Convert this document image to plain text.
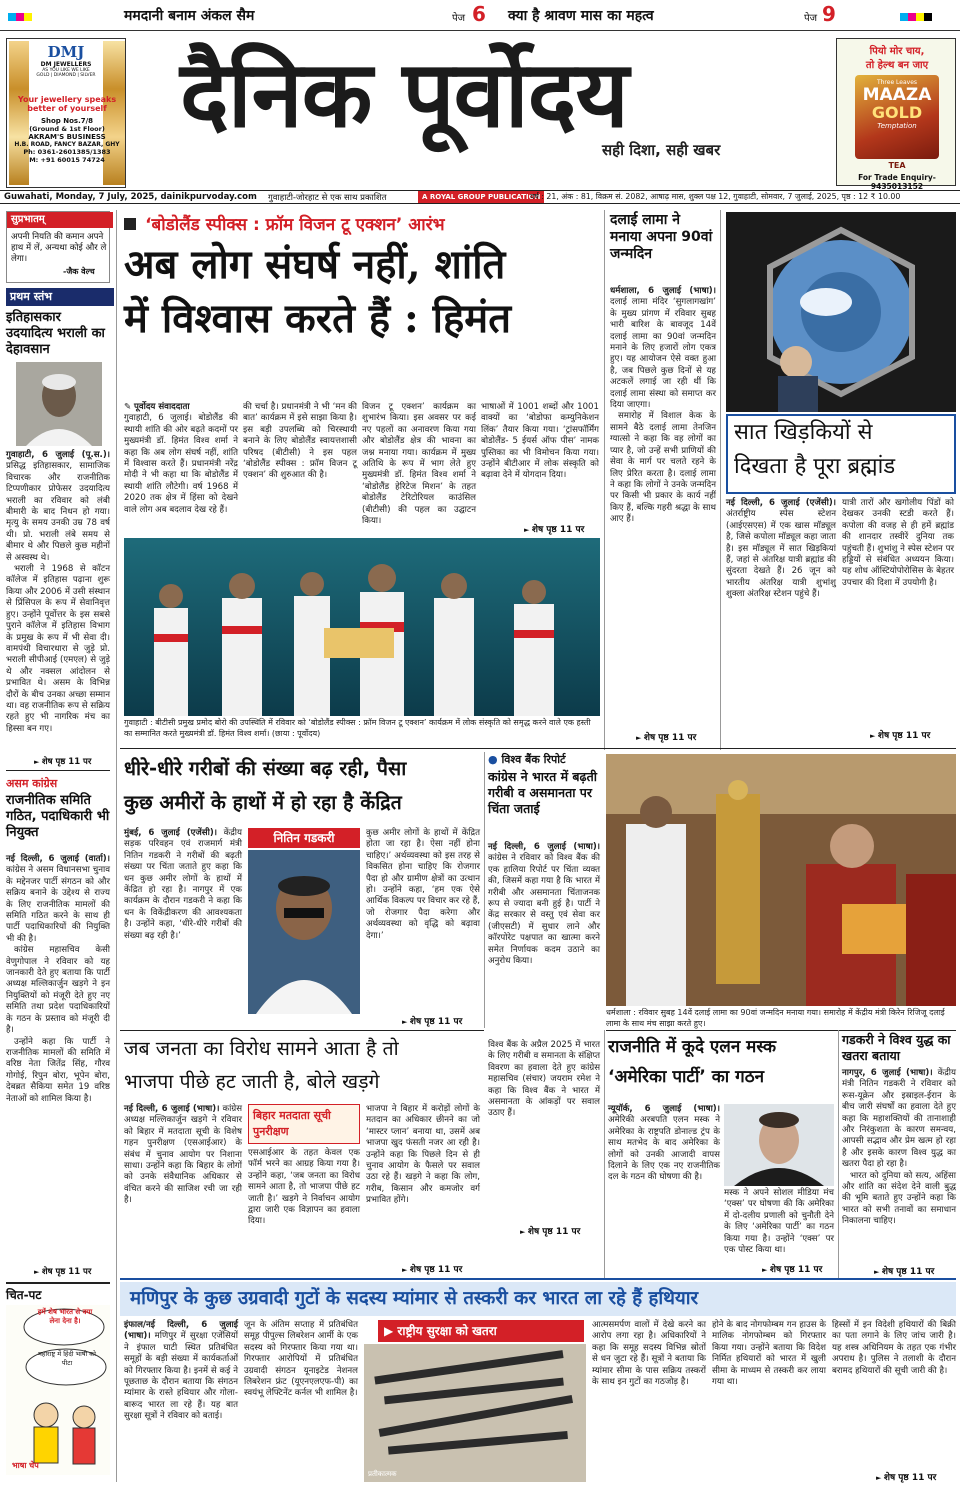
ममदानी बनाम अंकल सैम	पेज 6 क्या है श्रावण मास का महत्व	पेज 9
DMJ
DM JEWELLERS
AS YOU LIKE WE LIKE
GOLD | DIAMOND | SILVER
Your jewellery speaks
better of yourself
Shop Nos.7/8
(Ground & 1st Floor)
AKRAM'S BUSINESS
H.B. ROAD, FANCY BAZAR, GHY
Ph: 0361-2601385/1383
M: +91 60015 74724
दैनिक पूर्वोदय
सही दिशा, सही खबर
पियो मोर चाय,
तो हेल्थ बन जाए
Three Leaves
MAAZA
GOLD
Temptation
TEA
For Trade Enquiry- 9435013152
Guwahati, Monday, 7 July, 2025, dainikpurvoday.com गुवाहाटी-जोरहाट से एक साथ प्रकाशित	A ROYAL GROUP PUBLICATION
वर्ष : 21, अंक : 81, विक्रम सं. 2082, आषाढ़ मास, शुक्ल पक्ष 12, गुवाहाटी, सोमवार, 7 जुलाई, 2025, पृष्ठ : 12 ₹ 10.00
सुप्रभातम्
अपनी नियति की कमान अपने हाथ में लें, अन्यथा कोई और ले लेगा।
-जैक वेल्च
प्रथम स्तंभ
इतिहासकार उदयादित्य भराली का देहावसान

गुवाहाटी, 6 जुलाई (पू.स.)। प्रसिद्ध इतिहासकार, सामाजिक विचारक और राजनीतिक टिप्पणीकार प्रोफेसर उदयादित्य भराली का रविवार को लंबी बीमारी के बाद निधन हो गया। मृत्यु के समय उनकी उम्र 78 वर्ष थी। प्रो. भराली लंबे समय से बीमार थे और पिछले कुछ महीनों से अस्वस्थ थे।

भराली ने 1968 से कॉटन कॉलेज में इतिहास पढ़ाना शुरू किया और 2006 में उसी संस्थान से प्रिंसिपल के रूप में सेवानिवृत्त हुए। उन्होंने पूर्वोत्तर के इस सबसे पुराने कॉलेज में इतिहास विभाग के प्रमुख के रूप में भी सेवा दी। वामपंथी विचारधारा से जुड़े प्रो. भराली सीपीआई (एमएल) से जुड़े थे और नक्सल आंदोलन से प्रभावित थे। असम के विभिन्न दौरों के बीच उनका अच्छा सम्मान था। वह राजनीतिक रूप से सक्रिय रहते हुए भी नागरिक मंच का हिस्सा बन गए।

► शेष पृष्ठ 11 पर
असम कांग्रेस
राजनीतिक समिति गठित, पदाधिकारी भी नियुक्त

नई दिल्ली, 6 जुलाई (वार्ता)। कांग्रेस ने असम विधानसभा चुनाव के मद्देनजर पार्टी संगठन को और सक्रिय बनाने के उद्देश्य से राज्य के लिए राजनीतिक मामलों की समिति गठित करने के साथ ही पार्टी पदाधिकारियों की नियुक्ति भी की है।

कांग्रेस महासचिव केसी वेणुगोपाल ने रविवार को यह जानकारी देते हुए बताया कि पार्टी अध्यक्ष मल्लिकार्जुन खड़गे ने इन नियुक्तियों को मंजूरी देते हुए नए समिति तथा प्रदेश पदाधिकारियों के गठन के प्रस्ताव को मंजूरी दी है।

उन्होंने कहा कि पार्टी ने राजनीतिक मामलों की समिति में वरिष्ठ नेता जितेंद्र सिंह, गौरव गोगोई, रिपुन बोरा, भूपेन बोरा, देबब्रत सैकिया समेत 19 वरिष्ठ नेताओं को शामिल किया है।

► शेष पृष्ठ 11 पर
चित-पट
हमें शेष भारत से क्या लेना देना है।
महाराष्ट्र में हिंदी भाषी को पीटा
भाषा चेप
‘बोडोलैंड स्पीक्स : फ्रॉम विजन टू एक्शन’ आरंभ
अब लोग संघर्ष नहीं, शांति
में विश्वास करते हैं : हिमंत

✎ पूर्वोदय संवाददाता

गुवाहाटी, 6 जुलाई। बोडोलैंड की स्थायी शांति की ओर बढ़ते कदमों पर मुख्यमंत्री डॉ. हिमंत विश्व शर्मा ने कहा कि अब लोग संघर्ष नहीं, शांति में विश्वास करते हैं। प्रधानमंत्री नरेंद्र मोदी ने भी कहा था कि बोडोलैंड में स्थायी शांति लौटेगी। वर्ष 1968 में 2020 तक क्षेत्र में हिंसा को देखने वाले लोग अब बदलाव देख रहे हैं।

की चर्चा है। प्रधानमंत्री ने भी ‘मन की बात’ कार्यक्रम में इसे साझा किया है। इस बड़ी उपलब्धि को चिरस्थायी बनाने के लिए बोडोलैंड स्वायत्तशासी परिषद (बीटीसी) ने इस पहल ‘बोडोलैंड स्पीक्स : फ्रॉम विजन टू एक्शन’ की शुरुआत की है।

विजन टू एक्शन’ कार्यक्रम का शुभारंभ किया। इस अवसर पर कई नए पहलों का अनावरण किया गया और बोडोलैंड क्षेत्र की भावना का जश्न मनाया गया। कार्यक्रम में मुख्य अतिथि के रूप में भाग लेते हुए मुख्यमंत्री डॉ. हिमंत विश्व शर्मा ने ‘बोडोलैंड हेरिटेज मिशन’ के तहत बोडोलैंड टेरिटोरियल काउंसिल (बीटीसी) की पहल का उद्घाटन किया।

भाषाओं में 1001 शब्दों और 1001 वाक्यों का ‘बोडोफा कम्युनिकेशन लिंक’ तैयार किया गया। ‘ट्रांसफॉर्मिंग बोडोलैंड- 5 ईयर्स ऑफ पीस’ नामक पुस्तिका का भी विमोचन किया गया। उन्होंने बीटीआर में लोक संस्कृति को बढ़ावा देने में योगदान दिया।

► शेष पृष्ठ 11 पर
गुवाहाटी : बीटीसी प्रमुख प्रमोद बोरो की उपस्थिति में रविवार को ‘बोडोलैंड स्पीक्स : फ्रॉम विजन टू एक्शन’ कार्यक्रम में लोक संस्कृति को समृद्ध करने वाले एक हस्ती का सम्मानित करते मुख्यमंत्री डॉ. हिमंत विश्व शर्मा। (छाया : पूर्वोदय)
दलाई लामा ने मनाया अपना 90वां जन्मदिन

धर्मशाला, 6 जुलाई (भाषा)। दलाई लामा मंदिर ‘सुगलागखांग’ के मुख्य प्रांगण में रविवार सुबह भारी बारिश के बावजूद 14वें दलाई लामा का 90वां जन्मदिन मनाने के लिए हजारों लोग एकत्र हुए। यह आयोजन ऐसे वक्त हुआ है, जब पिछले कुछ दिनों से यह अटकलें लगाई जा रही थीं कि दलाई लामा संस्था को समाप्त कर दिया जाएगा।

समारोह में विशाल केक के सामने बैठे दलाई लामा तेनजिन ग्यात्सो ने कहा कि वह लोगों का प्यार है, जो उन्हें सभी प्राणियों की सेवा के मार्ग पर चलते रहने के लिए प्रेरित करता है। दलाई लामा ने कहा कि लोगों ने उनके जन्मदिन पर किसी भी प्रकार के कार्य नहीं किए हैं, बल्कि गहरी श्रद्धा के साथ आए हैं।

► शेष पृष्ठ 11 पर
सात खिड़कियों से
दिखता है पूरा ब्रह्मांड

नई दिल्ली, 6 जुलाई (एजेंसी)। अंतर्राष्ट्रीय स्पेस स्टेशन (आईएसएस) में एक खास मॉड्यूल है, जिसे कपोला मॉड्यूल कहा जाता है। इस मॉड्यूल में सात खिड़कियां हैं, जहां से अंतरिक्ष यात्री ब्रह्मांड की सुंदरता देखते हैं। 26 जून को भारतीय अंतरिक्ष यात्री शुभांशु शुक्ला अंतरिक्ष स्टेशन पहुंचे हैं।

यात्री तारों और खगोलीय पिंडों को देखकर उनकी स्टडी करते हैं। कपोला की वजह से ही हमें ब्रह्मांड की शानदार तस्वीरें दुनिया तक पहुंचती हैं। शुभांशु ने स्पेस स्टेशन पर हड्डियों से संबंधित अध्ययन किया। यह शोध ऑस्टियोपोरोसिस के बेहतर उपचार की दिशा में उपयोगी है।

► शेष पृष्ठ 11 पर
धीरे-धीरे गरीबों की संख्या बढ़ रही, पैसा
कुछ अमीरों के हाथों में हो रहा है केंद्रित

मुंबई, 6 जुलाई (एजेंसी)। केंद्रीय सड़क परिवहन एवं राजमार्ग मंत्री नितिन गडकरी ने गरीबों की बढ़ती संख्या पर चिंता जताते हुए कहा कि धन कुछ अमीर लोगों के हाथों में केंद्रित हो रहा है। नागपुर में एक कार्यक्रम के दौरान गडकरी ने कहा कि धन के विकेंद्रीकरण की आवश्यकता है। उन्होंने कहा, ‘धीरे-धीरे गरीबों की संख्या बढ़ रही है।’

नितिन गडकरी	कुछ अमीर लोगों के हाथों में केंद्रित होता जा रहा है। ऐसा नहीं होना चाहिए।’ अर्थव्यवस्था को इस तरह से विकसित होना चाहिए कि रोजगार पैदा हो और ग्रामीण क्षेत्रों का उत्थान हो। उन्होंने कहा, ‘हम एक ऐसे आर्थिक विकल्प पर विचार कर रहे हैं, जो रोजगार पैदा करेगा और अर्थव्यवस्था को वृद्धि को बढ़ावा देगा।’

► शेष पृष्ठ 11 पर
● विश्व बैंक रिपोर्ट
कांग्रेस ने भारत में बढ़ती गरीबी व असमानता पर चिंता जताई

नई दिल्ली, 6 जुलाई (भाषा)। कांग्रेस ने रविवार को विश्व बैंक की एक हालिया रिपोर्ट पर चिंता व्यक्त की, जिसमें कहा गया है कि भारत में गरीबी और असमानता चिंताजनक रूप से ज्यादा बनी हुई है। पार्टी ने केंद्र सरकार से वस्तु एवं सेवा कर (जीएसटी) में सुधार लाने और कॉरपोरेट पक्षपात का खात्मा करने समेत निर्णायक कदम उठाने का अनुरोध किया।

विश्व बैंक के अप्रैल 2025 में भारत के लिए गरीबी व समानता के संक्षिप्त विवरण का हवाला देते हुए कांग्रेस महासचिव (संचार) जयराम रमेश ने कहा कि विश्व बैंक ने भारत में असमानता के आंकड़ों पर सवाल उठाए हैं।

► शेष पृष्ठ 11 पर
धर्मशाला : रविवार सुबह 14वें दलाई लामा का 90वां जन्मदिन मनाया गया। समारोह में केंद्रीय मंत्री किरेन रिजिजू दलाई लामा के साथ मंच साझा करते हुए।
जब जनता का विरोध सामने आता है तो
भाजपा पीछे हट जाती है, बोले खड़गे

नई दिल्ली, 6 जुलाई (भाषा)। कांग्रेस अध्यक्ष मल्लिकार्जुन खड़गे ने रविवार को बिहार में मतदाता सूची के विशेष गहन पुनरीक्षण (एसआईआर) के संबंध में चुनाव आयोग पर निशाना साधा। उन्होंने कहा कि बिहार के लोगों को उनके संवैधानिक अधिकार से वंचित करने की साजिश रची जा रही है।

बिहार मतदाता सूची पुनरीक्षण

एसआईआर के तहत केवल एक फॉर्म भरने का आग्रह किया गया है। उन्होंने कहा, ‘जब जनता का विरोध सामने आता है, तो भाजपा पीछे हट जाती है।’ खड़गे ने निर्वाचन आयोग द्वारा जारी एक विज्ञापन का हवाला दिया।

भाजपा ने बिहार में करोड़ों लोगों के मतदान का अधिकार छीनने का जो ‘मास्टर प्लान’ बनाया था, उसमें अब भाजपा खुद फंसती नजर आ रही है। उन्होंने कहा कि पिछले दिन से ही चुनाव आयोग के फैसले पर सवाल उठा रहे हैं। खड़गे ने कहा कि लोग, गरीब, किसान और कमजोर वर्ग प्रभावित होंगे।

► शेष पृष्ठ 11 पर
राजनीति में कूदे एलन मस्क
‘अमेरिका पार्टी’ का गठन

न्यूयॉर्क, 6 जुलाई (भाषा)। अमेरिकी अरबपति एलन मस्क ने अमेरिका के राष्ट्रपति डोनाल्ड ट्रंप के साथ मतभेद के बाद अमेरिका के लोगों को उनकी आजादी वापस दिलाने के लिए एक नए राजनीतिक दल के गठन की घोषणा की है।

मस्क ने अपने सोशल मीडिया मंच ‘एक्स’ पर घोषणा की कि अमेरिका में दो-दलीय प्रणाली को चुनौती देने के लिए ‘अमेरिका पार्टी’ का गठन किया गया है। उन्होंने ‘एक्स’ पर एक पोस्ट किया था।

► शेष पृष्ठ 11 पर
गडकरी ने विश्व युद्ध का खतरा बताया

नागपुर, 6 जुलाई (भाषा)। केंद्रीय मंत्री नितिन गडकरी ने रविवार को रूस-यूक्रेन और इस्राइल-ईरान के बीच जारी संघर्षों का हवाला देते हुए कहा कि महाशक्तियों की तानाशाही और निरंकुशता के कारण समन्वय, आपसी सद्भाव और प्रेम खत्म हो रहा है और इसके कारण विश्व युद्ध का खतरा पैदा हो रहा है।

भारत को दुनिया को सत्य, अहिंसा और शांति का संदेश देने वाली बुद्ध की भूमि बताते हुए उन्होंने कहा कि भारत को सभी तनावों का समाधान निकालना चाहिए।

► शेष पृष्ठ 11 पर
मणिपुर के कुछ उग्रवादी गुटों के सदस्य म्यांमार से तस्करी कर भारत ला रहे हैं हथियार

इंफाल/नई दिल्ली, 6 जुलाई (भाषा)। मणिपुर में सुरक्षा एजेंसियों ने इंफाल घाटी स्थित प्रतिबंधित समूहों के बड़ी संख्या में कार्यकर्ताओं को गिरफ्तार किया है। इनमें से कई ने पूछताछ के दौरान बताया कि संगठन म्यांमार के रास्ते हथियार और गोला-बारूद भारत ला रहे हैं। यह बात सुरक्षा सूत्रों ने रविवार को बताई।

जून के अंतिम सप्ताह में प्रतिबंधित समूह पीपुल्स लिबरेशन आर्मी के एक सदस्य को गिरफ्तार किया गया था। गिरफ्तार आरोपियों में प्रतिबंधित उग्रवादी संगठन यूनाइटेड नेशनल लिबरेशन फ्रंट (यूएनएलएफ-पी) का स्वयंभू लेफ्टिनेंट कर्नल भी शामिल है।

▶ राष्ट्रीय सुरक्षा को खतरा
प्रतीकात्मक

आत्मसमर्पण वालों में देखे करने का आरोप लगा रहा है। अधिकारियों ने कहा कि समूह सदस्य विभिन्न स्रोतों से धन जुटा रहे हैं। सूत्रों ने बताया कि म्यांमार सीमा के पास सक्रिय तस्करों के साथ इन गुटों का गठजोड़ है।

होने के बाद नोगफोम्बम गन हाउस के मालिक नोगफोम्बम को गिरफ्तार किया गया। उन्होंने बताया कि विदेश निर्मित हथियारों को भारत में खुली सीमा के माध्यम से तस्करी कर लाया गया था।

हिस्सों में इन विदेशी हथियारों की बिक्री का पता लगाने के लिए जांच जारी है। यह शस्त्र अधिनियम के तहत एक गंभीर अपराध है। पुलिस ने तलाशी के दौरान बरामद हथियारों की सूची जारी की है।

► शेष पृष्ठ 11 पर
